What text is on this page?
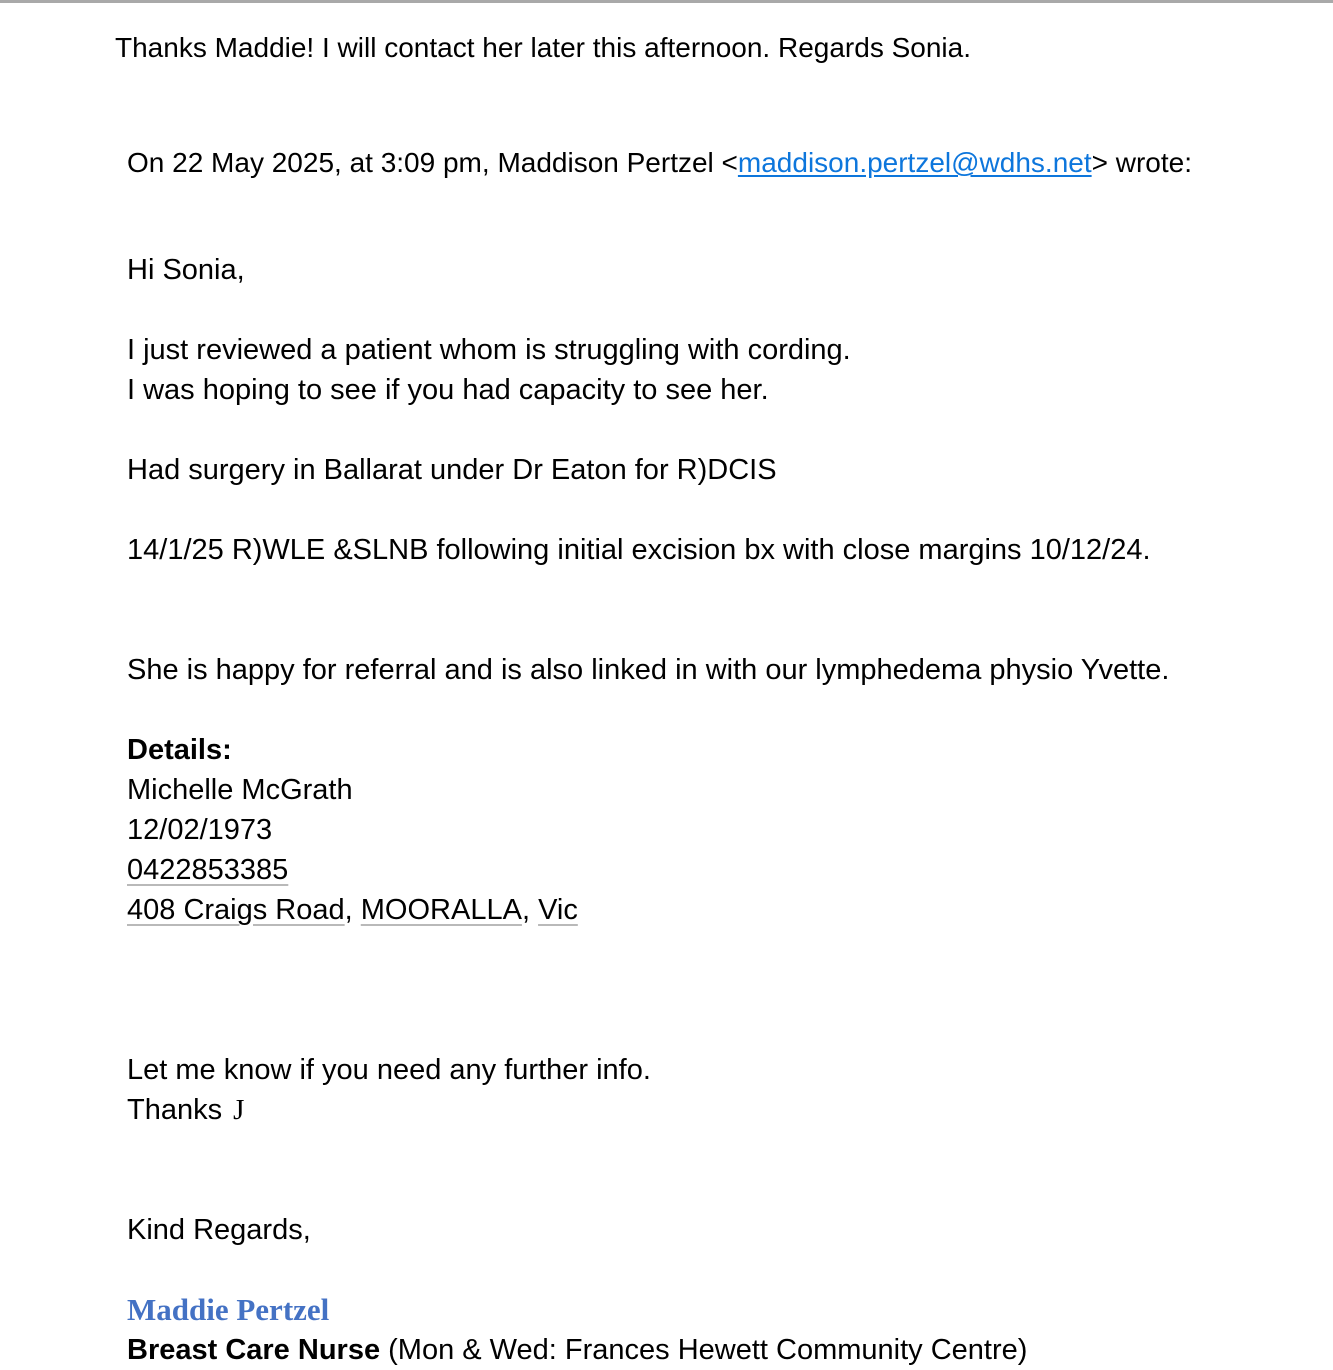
Thanks Maddie! I will contact her later this afternoon. Regards Sonia.
On 22 May 2025, at 3:09 pm, Maddison Pertzel <maddison.pertzel@wdhs.net> wrote:
Hi Sonia,
I just reviewed a patient whom is struggling with cording.
I was hoping to see if you had capacity to see her.
Had surgery in Ballarat under Dr Eaton for R)DCIS
14/1/25 R)WLE &SLNB following initial excision bx with close margins 10/12/24.
She is happy for referral and is also linked in with our lymphedema physio Yvette.
Details:
Michelle McGrath
12/02/1973
0422853385
408 Craigs Road, MOORALLA, Vic
Let me know if you need any further info.
Thanks J
Kind Regards,
Maddie Pertzel
Breast Care Nurse (Mon & Wed: Frances Hewett Community Centre)
